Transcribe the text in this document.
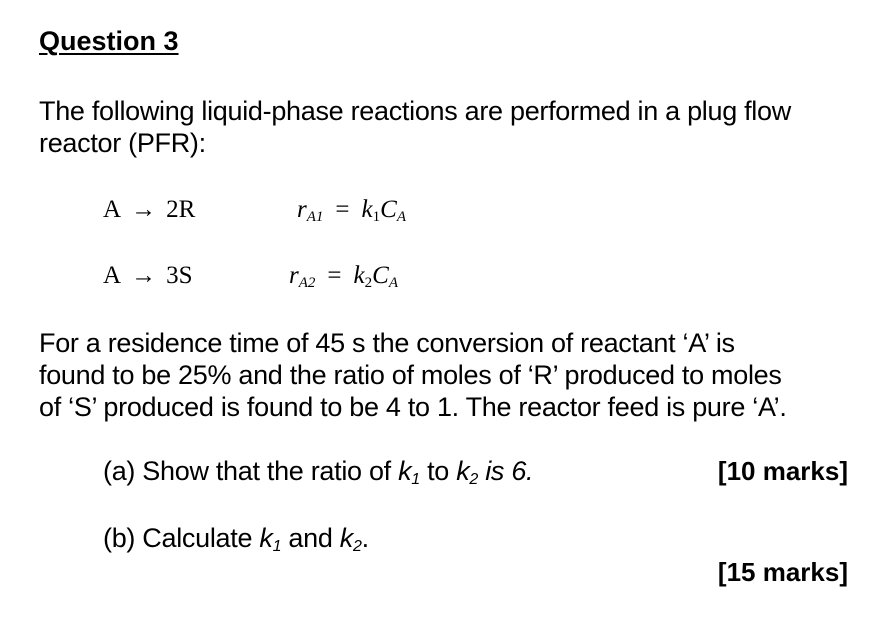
Question 3
The following liquid-phase reactions are performed in a plug flow
reactor (PFR):
A → 2R	$r_{A1} = k_1C_A$
A → 3S	$r_{A2} = k_2C_A$
For a residence time of 45 s the conversion of reactant ‘A’ is
found to be 25% and the ratio of moles of ‘R’ produced to moles
of ‘S’ produced is found to be 4 to 1. The reactor feed is pure ‘A’.
(a) Show that the ratio of $k_1$ to $k_2$ is 6.	[10 marks]
(b) Calculate $k_1$ and $k_2$.
[15 marks]
